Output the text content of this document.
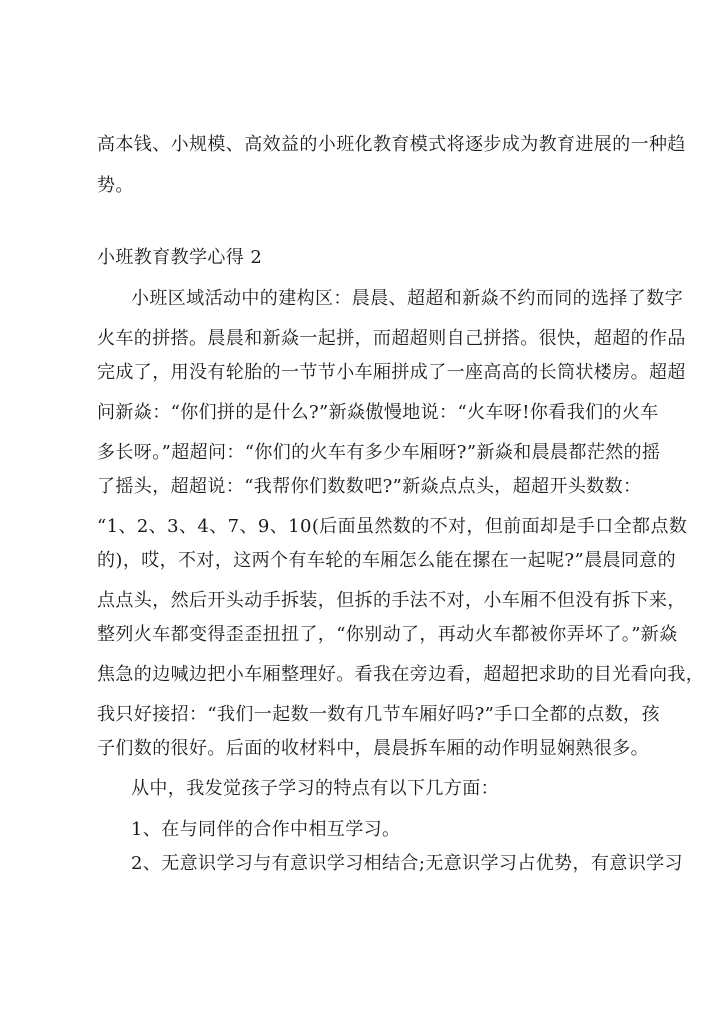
高本钱、小规模、高效益的小班化教育模式将逐步成为教育进展的一种趋
势。
小班教育教学心得 2
小班区域活动中的建构区：晨晨、超超和新焱不约而同的选择了数字
火车的拼搭。晨晨和新焱一起拼，而超超则自己拼搭。很快，超超的作品
完成了，用没有轮胎的一节节小车厢拼成了一座高高的长筒状楼房。超超
问新焱：“你们拼的是什么?”新焱傲慢地说：“火车呀!你看我们的火车
多长呀。”超超问：“你们的火车有多少车厢呀?”新焱和晨晨都茫然的摇
了摇头，超超说：“我帮你们数数吧?”新焱点点头，超超开头数数：
“1、2、3、4、7、9、10(后面虽然数的不对，但前面却是手口全都点数
的)，哎，不对，这两个有车轮的车厢怎么能在摞在一起呢?”晨晨同意的
点点头，然后开头动手拆装，但拆的手法不对，小车厢不但没有拆下来，
整列火车都变得歪歪扭扭了，“你别动了，再动火车都被你弄坏了。”新焱
焦急的边喊边把小车厢整理好。看我在旁边看，超超把求助的目光看向我，
我只好接招：“我们一起数一数有几节车厢好吗?”手口全都的点数，孩
子们数的很好。后面的收材料中，晨晨拆车厢的动作明显娴熟很多。
从中，我发觉孩子学习的特点有以下几方面：
1、在与同伴的合作中相互学习。
2、无意识学习与有意识学习相结合;无意识学习占优势，有意识学习
